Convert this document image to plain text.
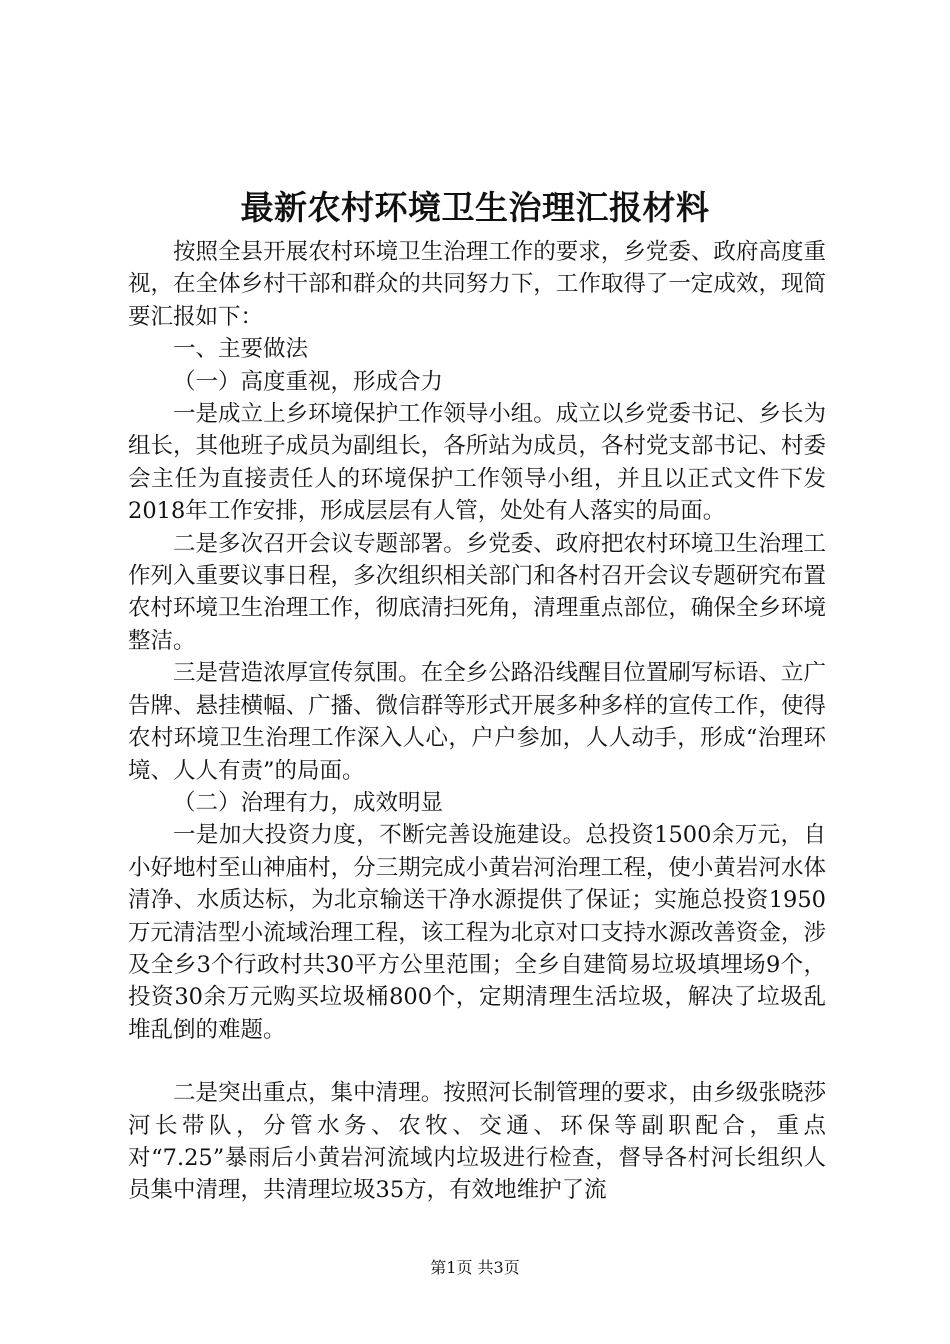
最新农村环境卫生治理汇报材料

按照全县开展农村环境卫生治理工作的要求，乡党委、政府高度重视，在全体乡村干部和群众的共同努力下，工作取得了一定成效，现简要汇报如下：

一、主要做法

（一）高度重视，形成合力

一是成立上乡环境保护工作领导小组。成立以乡党委书记、乡长为组长，其他班子成员为副组长，各所站为成员，各村党支部书记、村委会主任为直接责任人的环境保护工作领导小组，并且以正式文件下发2018年工作安排，形成层层有人管，处处有人落实的局面。

二是多次召开会议专题部署。乡党委、政府把农村环境卫生治理工作列入重要议事日程，多次组织相关部门和各村召开会议专题研究布置农村环境卫生治理工作，彻底清扫死角，清理重点部位，确保全乡环境整洁。

三是营造浓厚宣传氛围。在全乡公路沿线醒目位置刷写标语、立广告牌、悬挂横幅、广播、微信群等形式开展多种多样的宣传工作，使得农村环境卫生治理工作深入人心，户户参加，人人动手，形成“治理环境、人人有责”的局面。

（二）治理有力，成效明显

一是加大投资力度，不断完善设施建设。总投资1500余万元，自小好地村至山神庙村，分三期完成小黄岩河治理工程，使小黄岩河水体清净、水质达标，为北京输送干净水源提供了保证；实施总投资1950万元清洁型小流域治理工程，该工程为北京对口支持水源改善资金，涉及全乡3个行政村共30平方公里范围；全乡自建简易垃圾填埋场9个，投资30余万元购买垃圾桶800个，定期清理生活垃圾，解决了垃圾乱堆乱倒的难题。

二是突出重点，集中清理。按照河长制管理的要求，由乡级张晓莎河长带队，分管水务、农牧、交通、环保等副职配合，重点对“7.25”暴雨后小黄岩河流域内垃圾进行检查，督导各村河长组织人员集中清理，共清理垃圾35方，有效地维护了流

第1页 共3页
